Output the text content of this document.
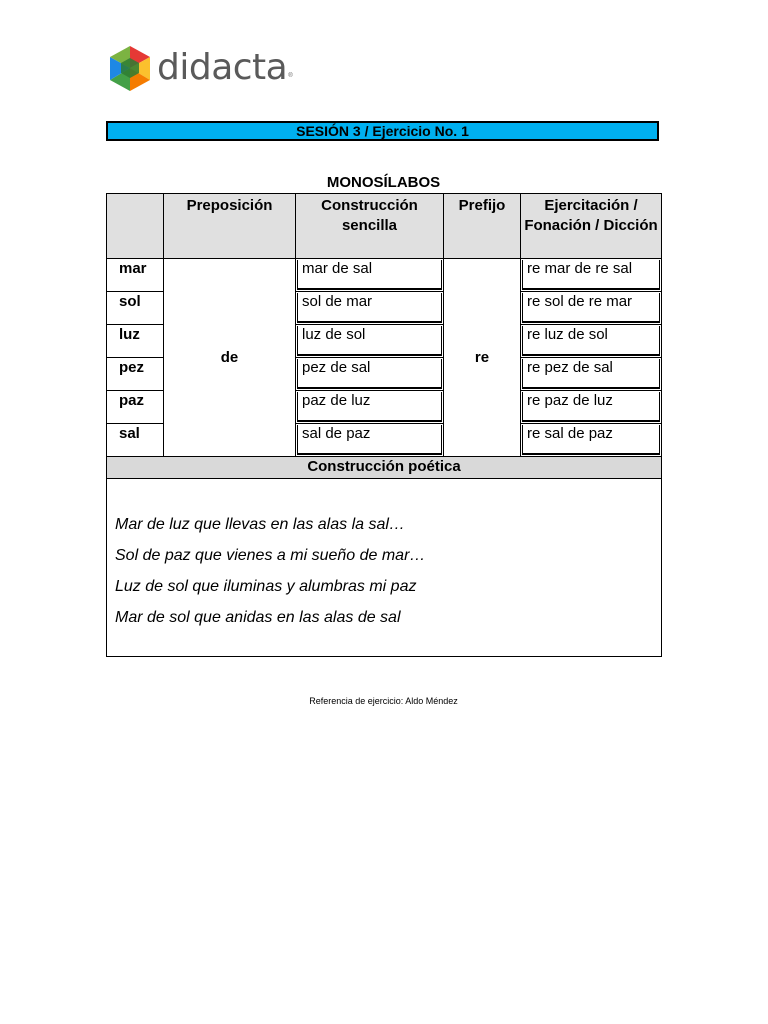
didacta ®
SESIÓN 3 / Ejercicio No. 1
MONOSÍLABOS
	Preposición	Construcción sencilla	Prefijo	Ejercitación / Fonación / Dicción
mar	de	mar de sal	re	re mar de re sal
sol		sol de mar		re sol de re mar
luz		luz de sol		re luz de sol
pez		pez de sal		re pez de sal
paz		paz de luz		re paz de luz
sal		sal de paz		re sal de paz
Construcción poética				

Mar de luz que llevas en las alas la sal…
Sol de paz que vienes a mi sueño de mar…
Luz de sol que iluminas y alumbras mi paz
Mar de sol que anidas en las alas de sal				
Referencia de ejercicio: Aldo Méndez
